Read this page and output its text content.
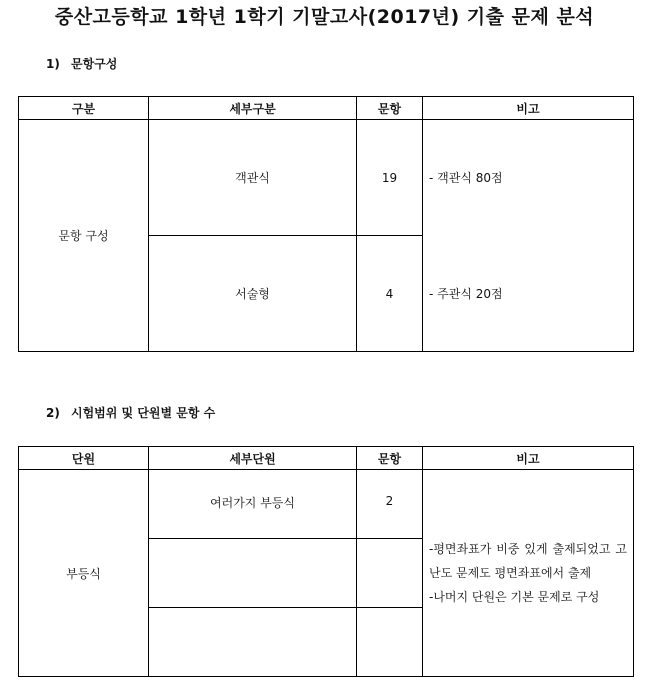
중산고등학교 1학년 1학기 기말고사(2017년) 기출 문제 분석
1) 문항구성
구분	세부구분	문항	비고
문항 구성	객관식	19	- 객관식 80점
	서술형	4	- 주관식 20점
2) 시험범위 및 단원별 문항 수
단원	세부단원	문항	비고
부등식	여러가지 부등식	2	-평면좌표가 비중 있게 출제되었고 고난도 문제도 평면좌표에서 출제
-나머지 단원은 기본 문제로 구성
